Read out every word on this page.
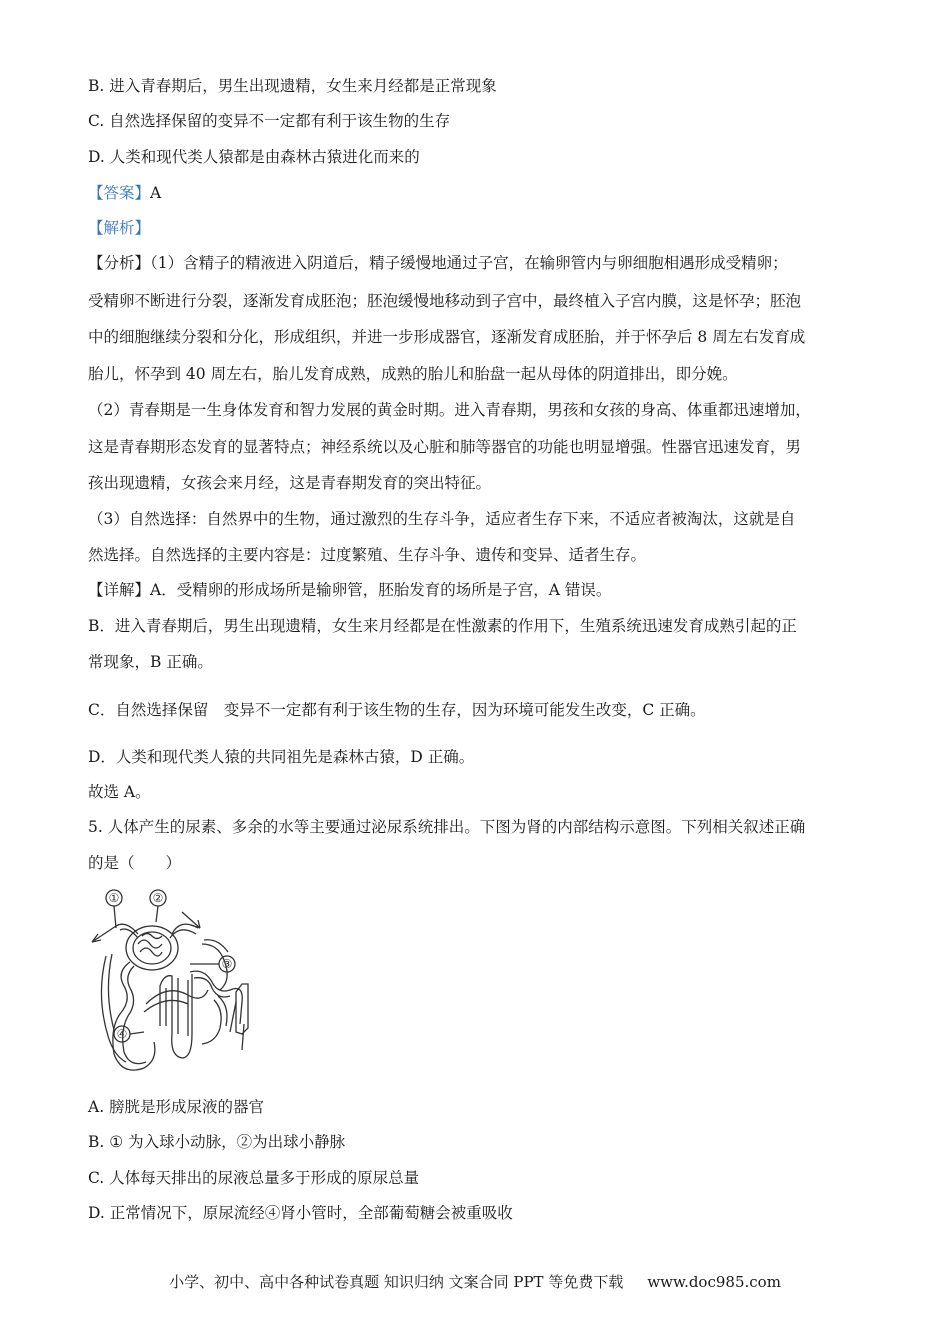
B. 进入青春期后，男生出现遗精，女生来月经都是正常现象
C. 自然选择保留的变异不一定都有利于该生物的生存
D. 人类和现代类人猿都是由森林古猿进化而来的
【答案】A
【解析】
【分析】（1）含精子的精液进入阴道后，精子缓慢地通过子宫，在输卵管内与卵细胞相遇形成受精卵；
受精卵不断进行分裂，逐渐发育成胚泡；胚泡缓慢地移动到子宫中，最终植入子宫内膜，这是怀孕；胚泡
中的细胞继续分裂和分化，形成组织，并进一步形成器官，逐渐发育成胚胎，并于怀孕后 8 周左右发育成
胎儿，怀孕到 40 周左右，胎儿发育成熟，成熟的胎儿和胎盘一起从母体的阴道排出，即分娩。
（2）青春期是一生身体发育和智力发展的黄金时期。进入青春期，男孩和女孩的身高、体重都迅速增加，
这是青春期形态发育的显著特点；神经系统以及心脏和肺等器官的功能也明显增强。性器官迅速发育，男
孩出现遗精，女孩会来月经，这是青春期发育的突出特征。
（3）自然选择：自然界中的生物，通过激烈的生存斗争，适应者生存下来，不适应者被淘汰，这就是自
然选择。自然选择的主要内容是：过度繁殖、生存斗争、遗传和变异、适者生存。
【详解】A．受精卵的形成场所是输卵管，胚胎发育的场所是子宫，A 错误。
B．进入青春期后，男生出现遗精，女生来月经都是在性激素的作用下，生殖系统迅速发育成熟引起的正
常现象，B 正确。
C．自然选择保留　变异不一定都有利于该生物的生存，因为环境可能发生改变，C 正确。
D．人类和现代类人猿的共同祖先是森林古猿，D 正确。
故选 A。
5. 人体产生的尿素、多余的水等主要通过泌尿系统排出。下图为肾的内部结构示意图。下列相关叙述正确
的是（　　）
①	②
③
④
A. 膀胱是形成尿液的器官
B. ① 为入球小动脉，②为出球小静脉
C. 人体每天排出的尿液总量多于形成的原尿总量
D. 正常情况下，原尿流经④肾小管时，全部葡萄糖会被重吸收
小学、初中、高中各种试卷真题 知识归纳 文案合同 PPT 等免费下载 www.doc985.com
